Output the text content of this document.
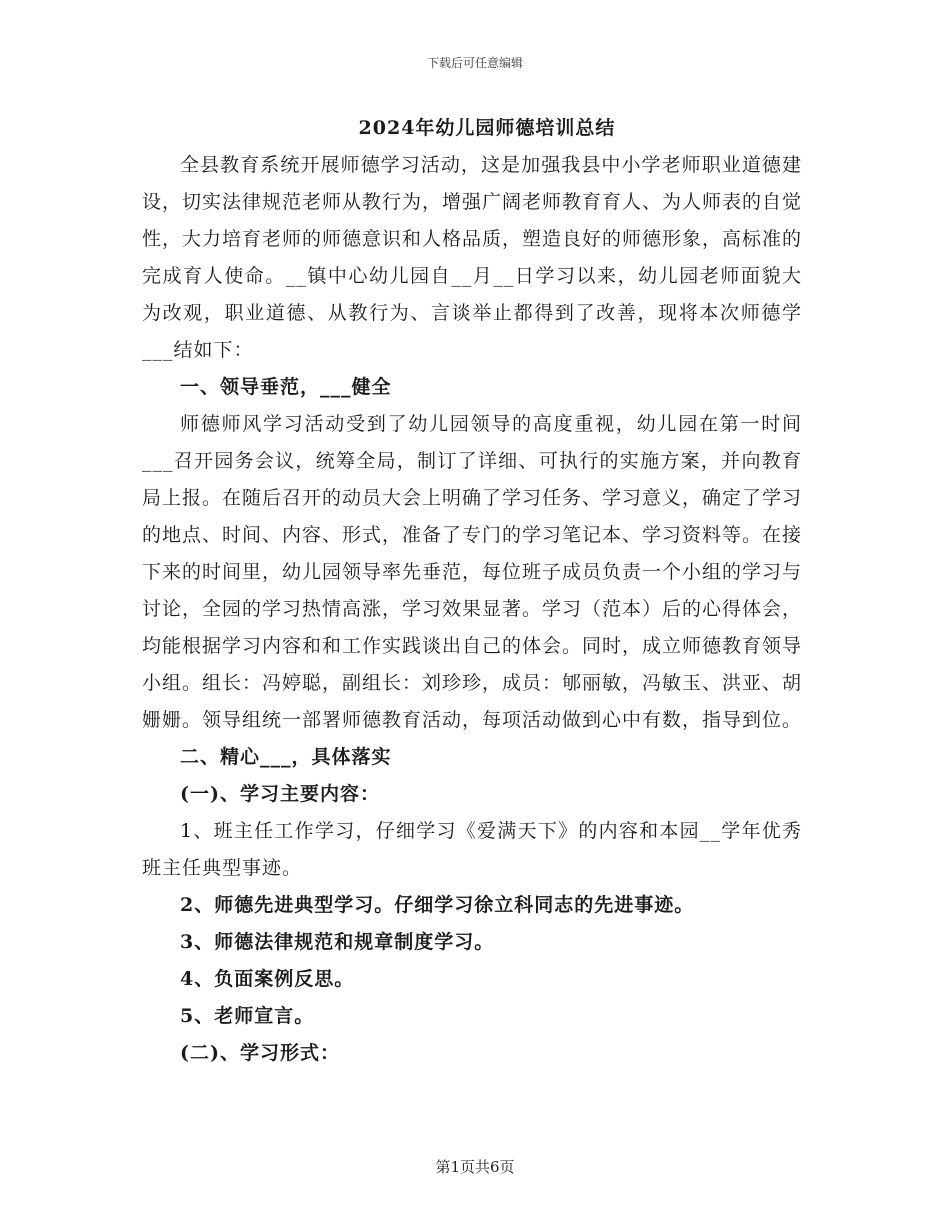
下载后可任意编辑
2024年幼儿园师德培训总结

全县教育系统开展师德学习活动，这是加强我县中小学老师职业道德建设，切实法律规范老师从教行为，增强广阔老师教育育人、为人师表的自觉性，大力培育老师的师德意识和人格品质，塑造良好的师德形象，高标准的完成育人使命。__镇中心幼儿园自__月__日学习以来，幼儿园老师面貌大为改观，职业道德、从教行为、言谈举止都得到了改善，现将本次师德学___结如下：

一、领导垂范，___健全

师德师风学习活动受到了幼儿园领导的高度重视，幼儿园在第一时间___召开园务会议，统筹全局，制订了详细、可执行的实施方案，并向教育局上报。在随后召开的动员大会上明确了学习任务、学习意义，确定了学习的地点、时间、内容、形式，准备了专门的学习笔记本、学习资料等。在接下来的时间里，幼儿园领导率先垂范，每位班子成员负责一个小组的学习与讨论，全园的学习热情高涨，学习效果显著。学习（范本）后的心得体会，均能根据学习内容和和工作实践谈出自己的体会。同时，成立师德教育领导小组。组长：冯婷聪，副组长：刘珍珍，成员：郇丽敏，冯敏玉、洪亚、胡姗姗。领导组统一部署师德教育活动，每项活动做到心中有数，指导到位。

二、精心___，具体落实

(一)、学习主要内容：

1、班主任工作学习，仔细学习《爱满天下》的内容和本园__学年优秀班主任典型事迹。

2、师德先进典型学习。仔细学习徐立科同志的先进事迹。

3、师德法律规范和规章制度学习。

4、负面案例反思。

5、老师宣言。

(二)、学习形式：

第1页共6页
